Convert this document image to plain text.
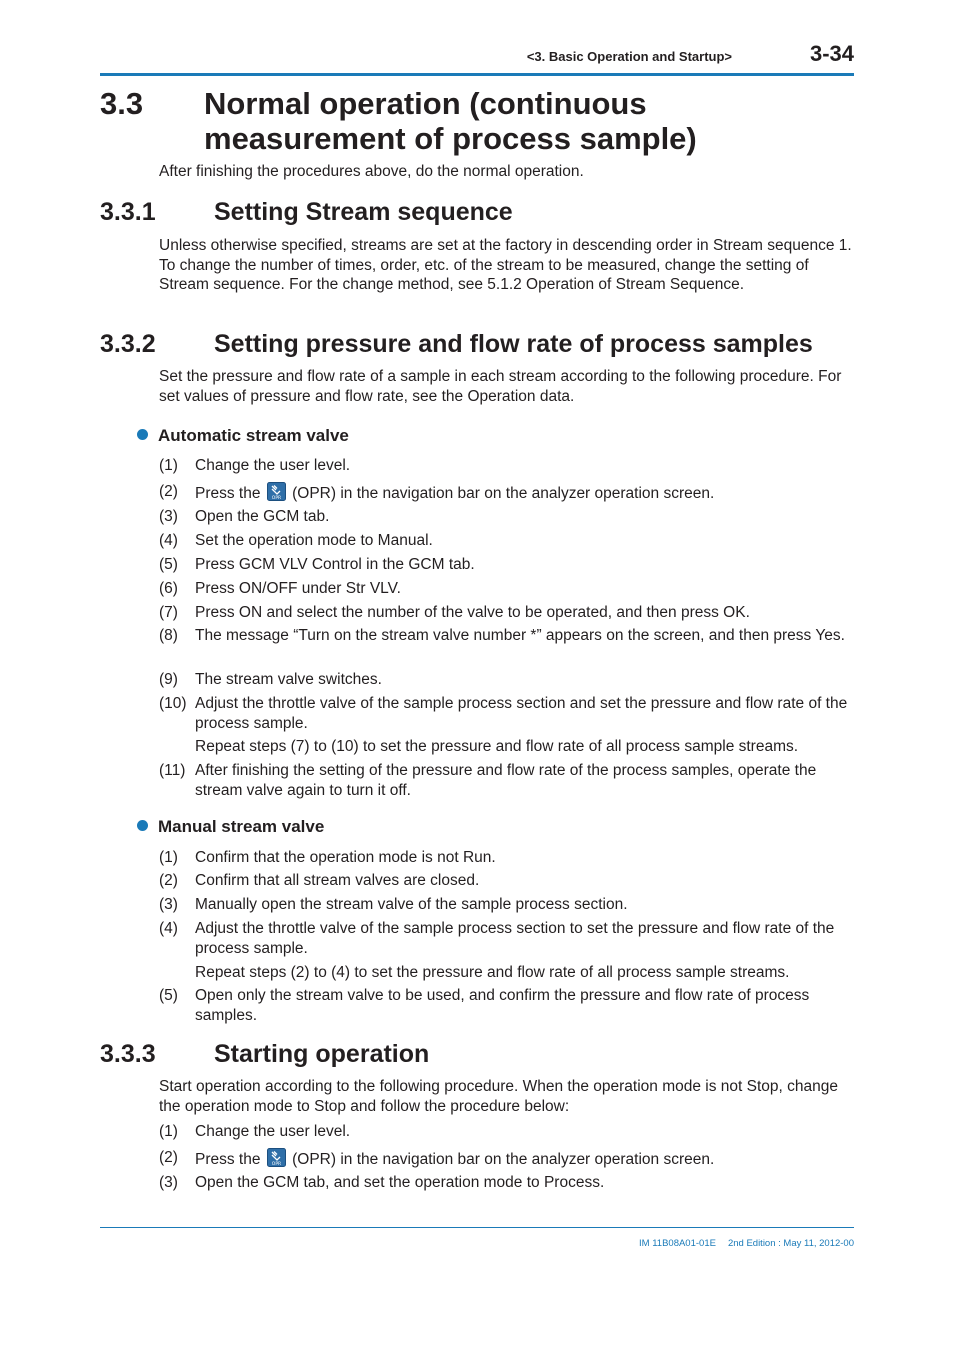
<3. Basic Operation and Startup>	3-34
3.3 Normal operation (continuous measurement of process sample)
After finishing the procedures above, do the normal operation.
3.3.1 Setting Stream sequence
Unless otherwise specified, streams are set at the factory in descending order in Stream sequence 1. To change the number of times, order, etc. of the stream to be measured, change the setting of Stream sequence. For the change method, see 5.1.2 Operation of Stream Sequence.
3.3.2 Setting pressure and flow rate of process samples
Set the pressure and flow rate of a sample in each stream according to the following procedure. For set values of pressure and flow rate, see the Operation data.
Automatic stream valve
(1) Change the user level.
(2) Press the OPR (OPR) in the navigation bar on the analyzer operation screen.
(3) Open the GCM tab.
(4) Set the operation mode to Manual.
(5) Press GCM VLV Control in the GCM tab.
(6) Press ON/OFF under Str VLV.
(7) Press ON and select the number of the valve to be operated, and then press OK.
(8) The message “Turn on the stream valve number *” appears on the screen, and then press Yes.
(9) The stream valve switches.
(10) Adjust the throttle valve of the sample process section and set the pressure and flow rate of the process sample.
Repeat steps (7) to (10) to set the pressure and flow rate of all process sample streams.
(11) After finishing the setting of the pressure and flow rate of the process samples, operate the stream valve again to turn it off.
Manual stream valve
(1) Confirm that the operation mode is not Run.
(2) Confirm that all stream valves are closed.
(3) Manually open the stream valve of the sample process section.
(4) Adjust the throttle valve of the sample process section to set the pressure and flow rate of the process sample.
Repeat steps (2) to (4) to set the pressure and flow rate of all process sample streams.
(5) Open only the stream valve to be used, and confirm the pressure and flow rate of process samples.
3.3.3 Starting operation
Start operation according to the following procedure. When the operation mode is not Stop, change the operation mode to Stop and follow the procedure below:
(1) Change the user level.
(2) Press the OPR (OPR) in the navigation bar on the analyzer operation screen.
(3) Open the GCM tab, and set the operation mode to Process.
IM 11B08A01-01E 2nd Edition : May 11, 2012-00
